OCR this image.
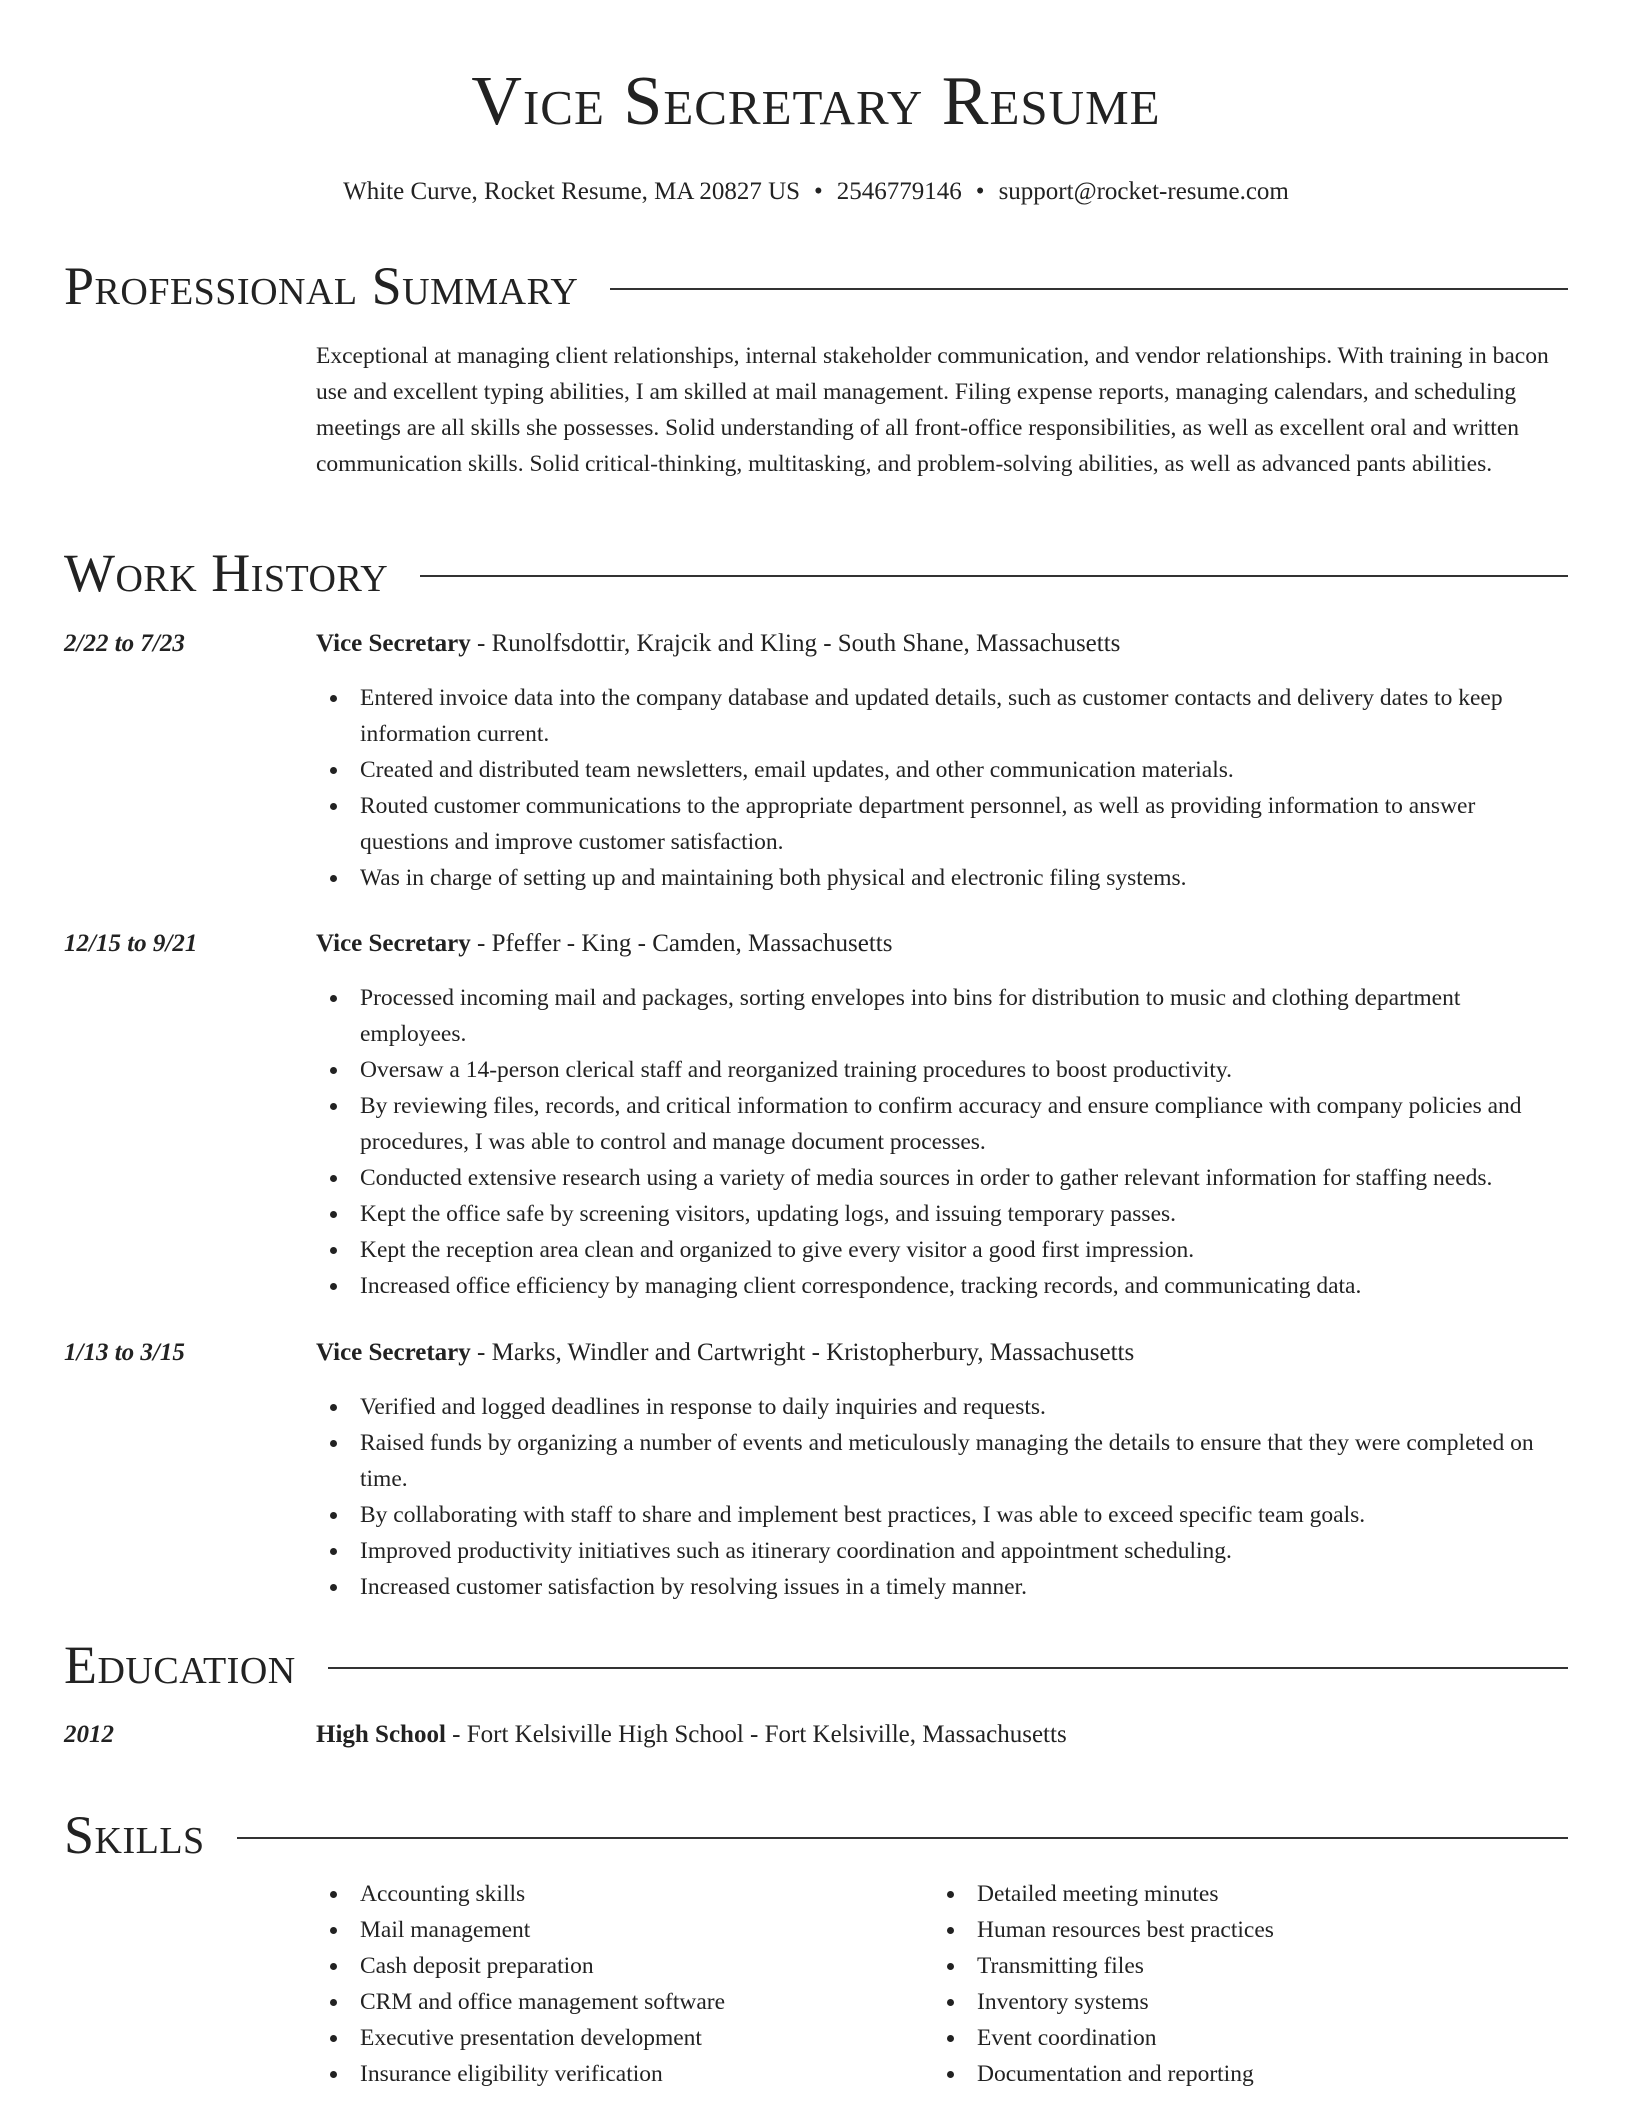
Vice Secretary Resume
White Curve, Rocket Resume, MA 20827 US • 2546779146 • support@rocket-resume.com
Professional Summary

Exceptional at managing client relationships, internal stakeholder communication, and vendor relationships. With training in bacon use and excellent typing abilities, I am skilled at mail management. Filing expense reports, managing calendars, and scheduling meetings are all skills she possesses. Solid understanding of all front-office responsibilities, as well as excellent oral and written communication skills. Solid critical-thinking, multitasking, and problem-solving abilities, as well as advanced pants abilities.

Work History
2/22 to 7/23	Vice Secretary - Runolfsdottir, Krajcik and Kling - South Shane, Massachusetts
Entered invoice data into the company database and updated details, such as customer contacts and delivery dates to keep information current.
Created and distributed team newsletters, email updates, and other communication materials.
Routed customer communications to the appropriate department personnel, as well as providing information to answer questions and improve customer satisfaction.
Was in charge of setting up and maintaining both physical and electronic filing systems.
12/15 to 9/21	Vice Secretary - Pfeffer - King - Camden, Massachusetts
Processed incoming mail and packages, sorting envelopes into bins for distribution to music and clothing department employees.
Oversaw a 14-person clerical staff and reorganized training procedures to boost productivity.
By reviewing files, records, and critical information to confirm accuracy and ensure compliance with company policies and procedures, I was able to control and manage document processes.
Conducted extensive research using a variety of media sources in order to gather relevant information for staffing needs.
Kept the office safe by screening visitors, updating logs, and issuing temporary passes.
Kept the reception area clean and organized to give every visitor a good first impression.
Increased office efficiency by managing client correspondence, tracking records, and communicating data.
1/13 to 3/15	Vice Secretary - Marks, Windler and Cartwright - Kristopherbury, Massachusetts
Verified and logged deadlines in response to daily inquiries and requests.
Raised funds by organizing a number of events and meticulously managing the details to ensure that they were completed on time.
By collaborating with staff to share and implement best practices, I was able to exceed specific team goals.
Improved productivity initiatives such as itinerary coordination and appointment scheduling.
Increased customer satisfaction by resolving issues in a timely manner.
Education
2012	High School - Fort Kelsiville High School - Fort Kelsiville, Massachusetts
Skills
Accounting skills
Mail management
Cash deposit preparation
CRM and office management software
Executive presentation development
Insurance eligibility verification
Detailed meeting minutes
Human resources best practices
Transmitting files
Inventory systems
Event coordination
Documentation and reporting
